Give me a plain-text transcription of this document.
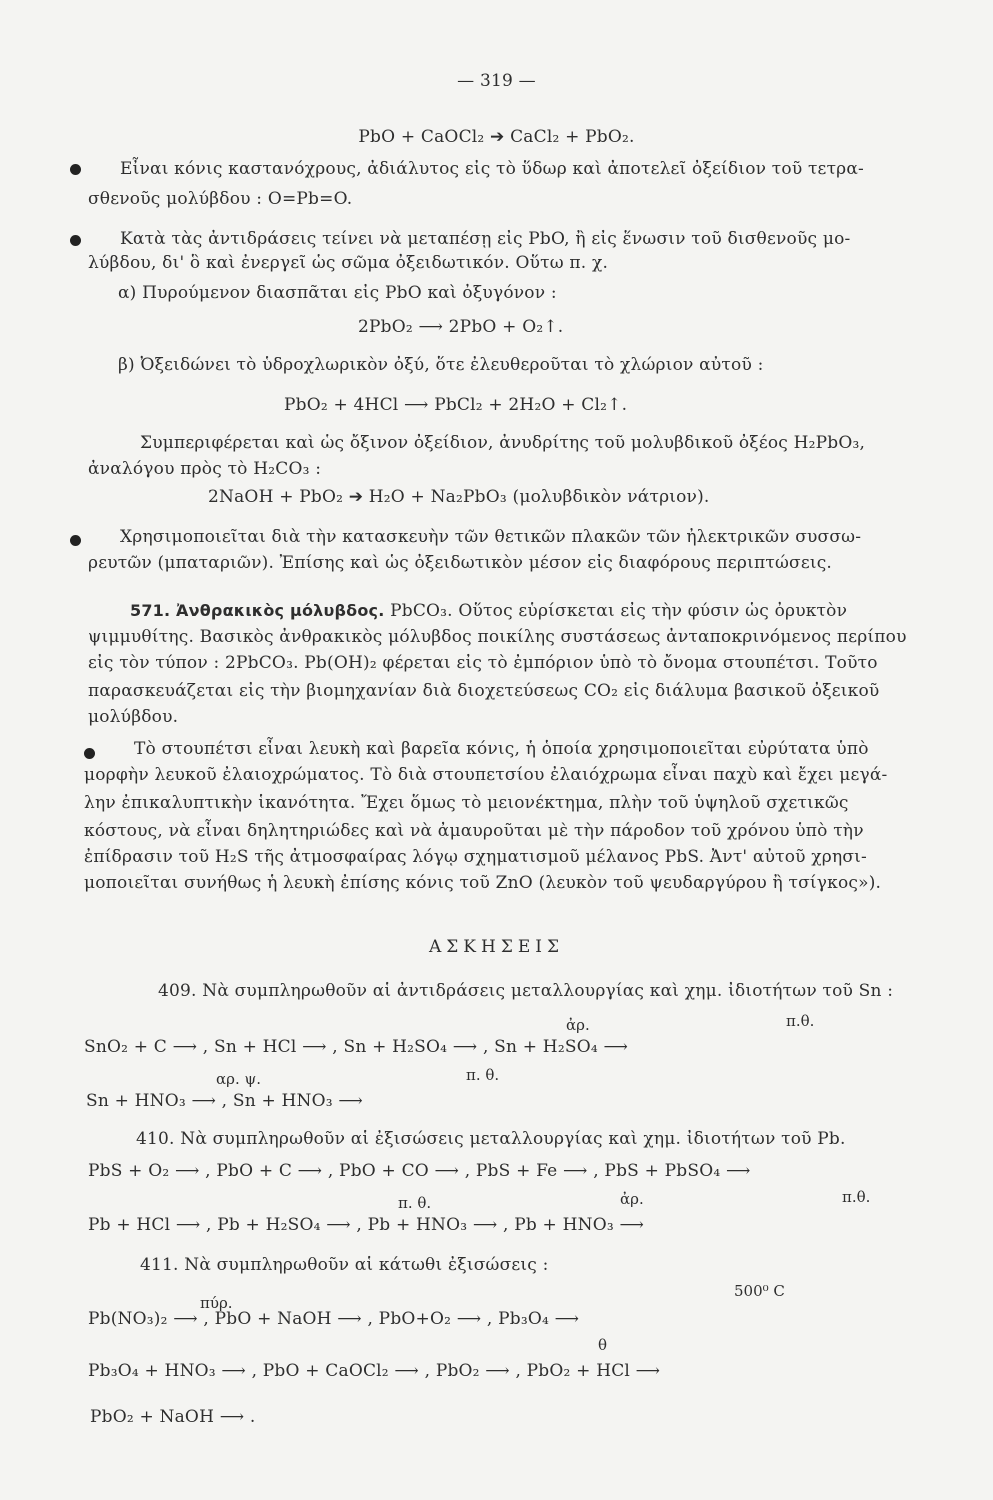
— 319 —
PbO + CaOCl₂ ➔ CaCl₂ + PbO₂.
Εἶναι κόνις καστανόχρους, ἀδιάλυτος εἰς τὸ ὕδωρ καὶ ἀποτελεῖ ὀξείδιον τοῦ τετρα-
σθενοῦς μολύβδου : O=Pb=O.
Κατὰ τὰς ἀντιδράσεις τείνει νὰ μεταπέσῃ εἰς PbO, ἢ εἰς ἕνωσιν τοῦ δισθενοῦς μο-
λύβδου, δι' ὃ καὶ ἐνεργεῖ ὡς σῶμα ὀξειδωτικόν. Οὕτω π. χ.
α) Πυρούμενον διασπᾶται εἰς PbO καὶ ὀξυγόνον :
2PbO₂ ⟶ 2PbO + O₂↑.
β) Ὀξειδώνει τὸ ὑδροχλωρικὸν ὀξύ, ὅτε ἐλευθεροῦται τὸ χλώριον αὐτοῦ :
PbO₂ + 4HCl ⟶ PbCl₂ + 2H₂O + Cl₂↑.
Συμπεριφέρεται καὶ ὡς ὄξινον ὀξείδιον, ἀνυδρίτης τοῦ μολυβδικοῦ ὀξέος H₂PbO₃,
ἀναλόγου πρὸς τὸ H₂CO₃ :
2NaOH + PbO₂ ➔ H₂O + Na₂PbO₃ (μολυβδικὸν νάτριον).
Χρησιμοποιεῖται διὰ τὴν κατασκευὴν τῶν θετικῶν πλακῶν τῶν ἠλεκτρικῶν συσσω-
ρευτῶν (μπαταριῶν). Ἐπίσης καὶ ὡς ὀξειδωτικὸν μέσον εἰς διαφόρους περιπτώσεις.
571. Ἀνθρακικὸς μόλυβδος. PbCO₃. Οὕτος εὑρίσκεται εἰς τὴν φύσιν ὡς ὀρυκτὸν
ψιμμυθίτης. Βασικὸς ἀνθρακικὸς μόλυβδος ποικίλης συστάσεως ἀνταποκρινόμενος περίπου
εἰς τὸν τύπον : 2PbCO₃. Pb(OH)₂ φέρεται εἰς τὸ ἐμπόριον ὑπὸ τὸ ὄνομα στουπέτσι. Τοῦτο
παρασκευάζεται εἰς τὴν βιομηχανίαν διὰ διοχετεύσεως CO₂ εἰς διάλυμα βασικοῦ ὀξεικοῦ
μολύβδου.
Τὸ στουπέτσι εἶναι λευκὴ καὶ βαρεῖα κόνις, ἡ ὁποία χρησιμοποιεῖται εὐρύτατα ὑπὸ
μορφὴν λευκοῦ ἐλαιοχρώματος. Τὸ διὰ στουπετσίου ἐλαιόχρωμα εἶναι παχὺ καὶ ἔχει μεγά-
λην ἐπικαλυπτικὴν ἱκανότητα. Ἔχει ὅμως τὸ μειονέκτημα, πλὴν τοῦ ὑψηλοῦ σχετικῶς
κόστους, νὰ εἶναι δηλητηριώδες καὶ νὰ ἀμαυροῦται μὲ τὴν πάροδον τοῦ χρόνου ὑπὸ τὴν
ἐπίδρασιν τοῦ H₂S τῆς ἀτμοσφαίρας λόγῳ σχηματισμοῦ μέλανος PbS. Ἀντ' αὐτοῦ χρησι-
μοποιεῖται συνήθως ἡ λευκὴ ἐπίσης κόνις τοῦ ZnO (λευκὸν τοῦ ψευδαργύρου ἢ τσίγκος»).
ΑΣΚΗΣΕΙΣ
409. Νὰ συμπληρωθοῦν αἱ ἀντιδράσεις μεταλλουργίας καὶ χημ. ἰδιοτήτων τοῦ Sn :
ἀρ.	π.θ.
SnO₂ + C ⟶ , Sn + HCl ⟶ , Sn + H₂SO₄ ⟶ , Sn + H₂SO₄ ⟶
αρ. ψ.	π. θ.
Sn + HNO₃ ⟶ , Sn + HNO₃ ⟶
410. Νὰ συμπληρωθοῦν αἱ ἐξισώσεις μεταλλουργίας καὶ χημ. ἰδιοτήτων τοῦ Pb.
PbS + O₂ ⟶ , PbO + C ⟶ , PbO + CO ⟶ , PbS + Fe ⟶ , PbS + PbSO₄ ⟶
π. θ.	ἀρ.	π.θ.
Pb + HCl ⟶ , Pb + H₂SO₄ ⟶ , Pb + HNO₃ ⟶ , Pb + HNO₃ ⟶
411. Νὰ συμπληρωθοῦν αἱ κάτωθι ἐξισώσεις :
πύρ.
500⁰ C
Pb(NO₃)₂ ⟶ , PbO + NaOH ⟶ , PbO+O₂ ⟶ , Pb₃O₄ ⟶
θ
Pb₃O₄ + HNO₃ ⟶ , PbO + CaOCl₂ ⟶ , PbO₂ ⟶ , PbO₂ + HCl ⟶
PbO₂ + NaOH ⟶ .
